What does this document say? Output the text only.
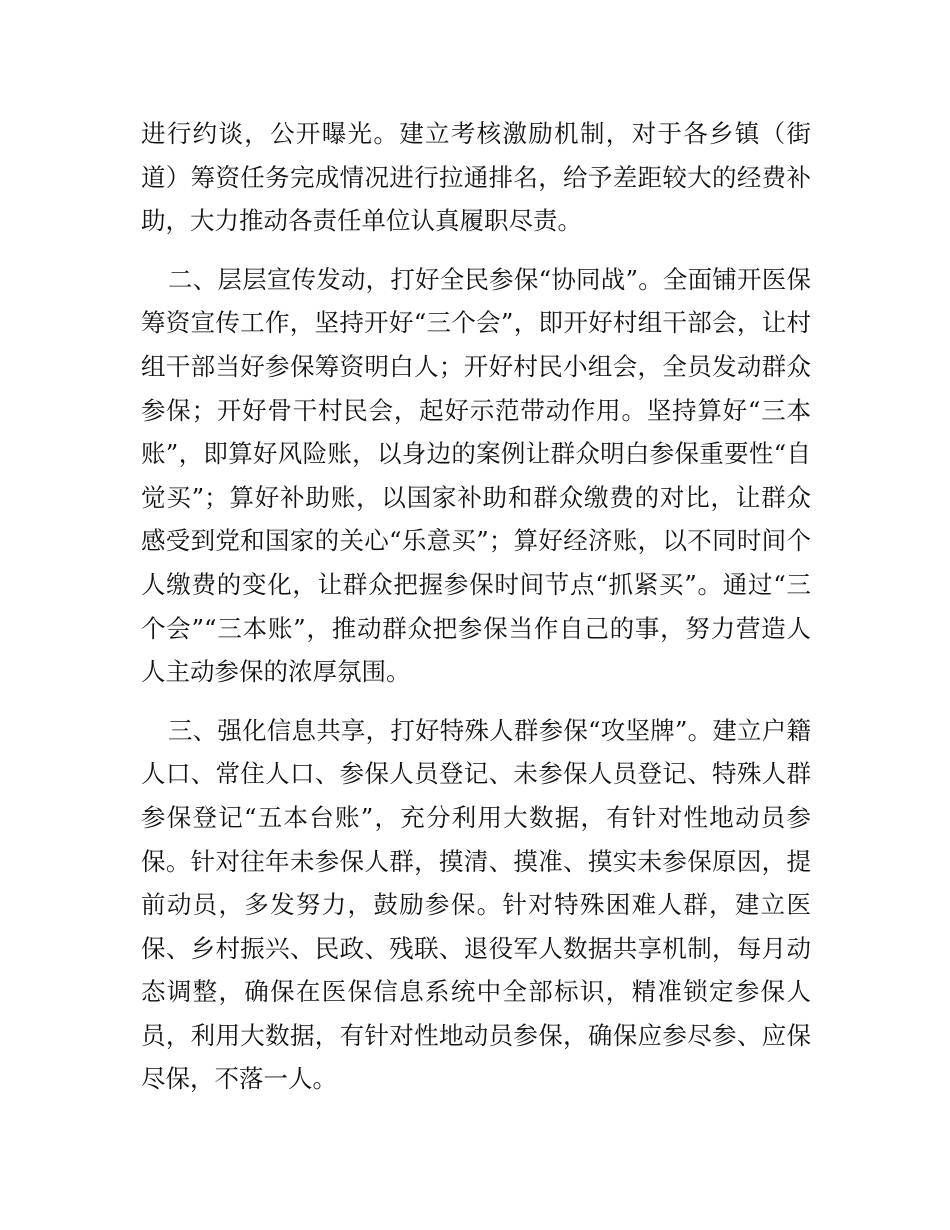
进行约谈，公开曝光。建立考核激励机制，对于各乡镇（街道）筹资任务完成情况进行拉通排名，给予差距较大的经费补助，大力推动各责任单位认真履职尽责。

二、层层宣传发动，打好全民参保“协同战”。全面铺开医保筹资宣传工作，坚持开好“三个会”，即开好村组干部会，让村组干部当好参保筹资明白人；开好村民小组会，全员发动群众参保；开好骨干村民会，起好示范带动作用。坚持算好“三本账”，即算好风险账，以身边的案例让群众明白参保重要性“自觉买”；算好补助账，以国家补助和群众缴费的对比，让群众感受到党和国家的关心“乐意买”；算好经济账，以不同时间个人缴费的变化，让群众把握参保时间节点“抓紧买”。通过“三个会”“三本账”，推动群众把参保当作自己的事，努力营造人人主动参保的浓厚氛围。

三、强化信息共享，打好特殊人群参保“攻坚牌”。建立户籍人口、常住人口、参保人员登记、未参保人员登记、特殊人群参保登记“五本台账”，充分利用大数据，有针对性地动员参保。针对往年未参保人群，摸清、摸准、摸实未参保原因，提前动员，多发努力，鼓励参保。针对特殊困难人群，建立医保、乡村振兴、民政、残联、退役军人数据共享机制，每月动态调整，确保在医保信息系统中全部标识，精准锁定参保人员，利用大数据，有针对性地动员参保，确保应参尽参、应保尽保，不落一人。
